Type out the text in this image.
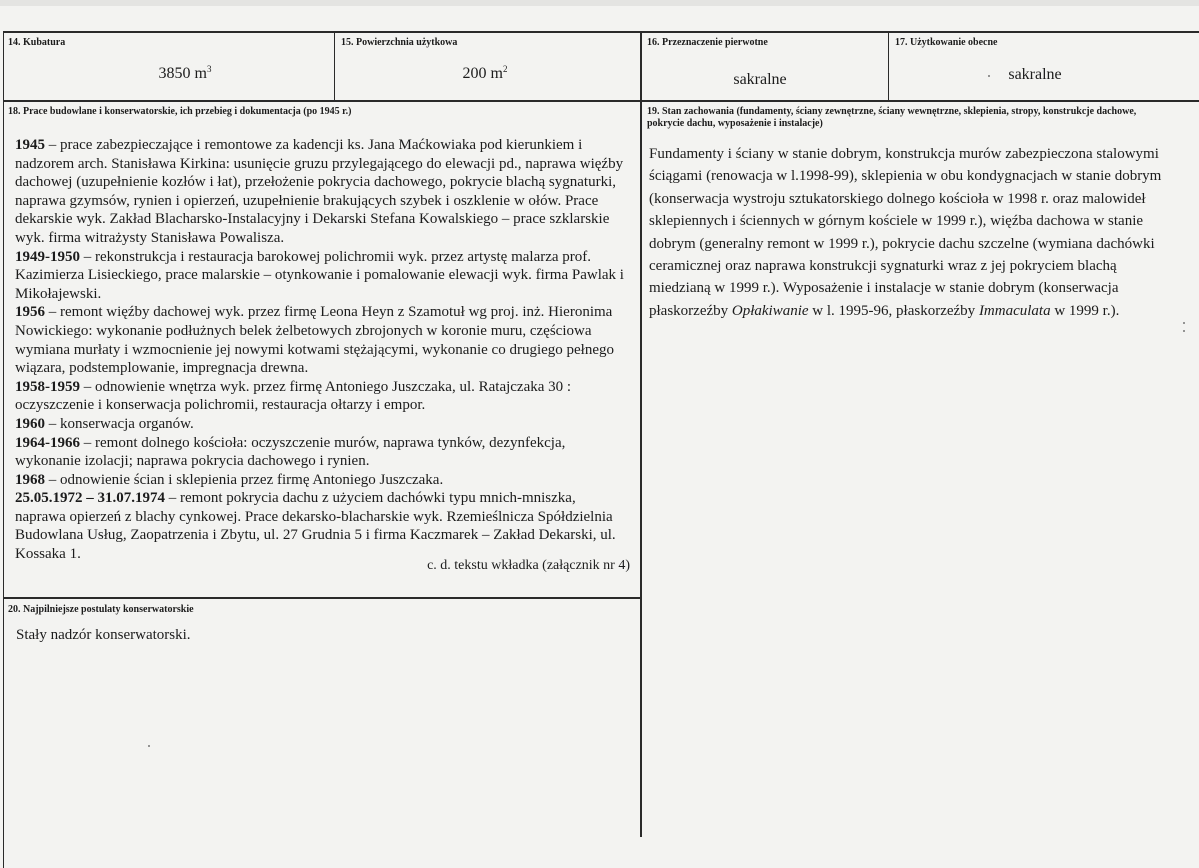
14. Kubatura
3850 $m^3$
15. Powierzchnia użytkowa
200 $m^2$
16. Przeznaczenie pierwotne
sakralne
17. Użytkowanie obecne
sakralne
18. Prace budowlane i konserwatorskie, ich przebieg i dokumentacja (po 1945 r.)

1945 – prace zabezpieczające i remontowe za kadencji ks. Jana Maćkowiaka pod kierunkiem i nadzorem arch. Stanisława Kirkina: usunięcie gruzu przylegającego do elewacji pd., naprawa więźby dachowej (uzupełnienie kozłów i łat), przełożenie pokrycia dachowego, pokrycie blachą sygnaturki, naprawa gzymsów, rynien i opierzeń, uzupełnienie brakujących szybek i oszklenie w ołów. Prace dekarskie wyk. Zakład Blacharsko-Instalacyjny i Dekarski Stefana Kowalskiego – prace szklarskie wyk. firma witrażysty Stanisława Powalisza.

1949-1950 – rekonstrukcja i restauracja barokowej polichromii wyk. przez artystę malarza prof. Kazimierza Lisieckiego, prace malarskie – otynkowanie i pomalowanie elewacji wyk. firma Pawlak i Mikołajewski.

1956 – remont więźby dachowej wyk. przez firmę Leona Heyn z Szamotuł wg proj. inż. Hieronima Nowickiego: wykonanie podłużnych belek żelbetowych zbrojonych w koronie muru, częściowa wymiana murłaty i wzmocnienie jej nowymi kotwami stężającymi, wykonanie co drugiego pełnego wiązara, podstemplowanie, impregnacja drewna.

1958-1959 – odnowienie wnętrza wyk. przez firmę Antoniego Juszczaka, ul. Ratajczaka 30 : oczyszczenie i konserwacja polichromii, restauracja ołtarzy i empor.

1960 – konserwacja organów.

1964-1966 – remont dolnego kościoła: oczyszczenie murów, naprawa tynków, dezynfekcja, wykonanie izolacji; naprawa pokrycia dachowego i rynien.

1968 – odnowienie ścian i sklepienia przez firmę Antoniego Juszczaka.

25.05.1972 – 31.07.1974 – remont pokrycia dachu z użyciem dachówki typu mnich-mniszka, naprawa opierzeń z blachy cynkowej. Prace dekarsko-blacharskie wyk. Rzemieślnicza Spółdzielnia Budowlana Usług, Zaopatrzenia i Zbytu, ul. 27 Grudnia 5 i firma Kaczmarek – Zakład Dekarski, ul. Kossaka 1.

c. d. tekstu wkładka (załącznik nr 4)
19. Stan zachowania (fundamenty, ściany zewnętrzne, ściany wewnętrzne, sklepienia, stropy, konstrukcje dachowe, pokrycie dachu, wyposażenie i instalacje)
Fundamenty i ściany w stanie dobrym, konstrukcja murów zabezpieczona stalowymi ściągami (renowacja w l.1998-99), sklepienia w obu kondygnacjach w stanie dobrym (konserwacja wystroju sztukatorskiego dolnego kościoła w 1998 r. oraz malowideł sklepiennych i ściennych w górnym kościele w 1999 r.), więźba dachowa w stanie dobrym (generalny remont w 1999 r.), pokrycie dachu szczelne (wymiana dachówki ceramicznej oraz naprawa konstrukcji sygnaturki wraz z jej pokryciem blachą miedzianą w 1999 r.). Wyposażenie i instalacje w stanie dobrym (konserwacja płaskorzeźby Opłakiwanie w l. 1995-96, płaskorzeźby Immaculata w 1999 r.).
20. Najpilniejsze postulaty konserwatorskie
Stały nadzór konserwatorski.
